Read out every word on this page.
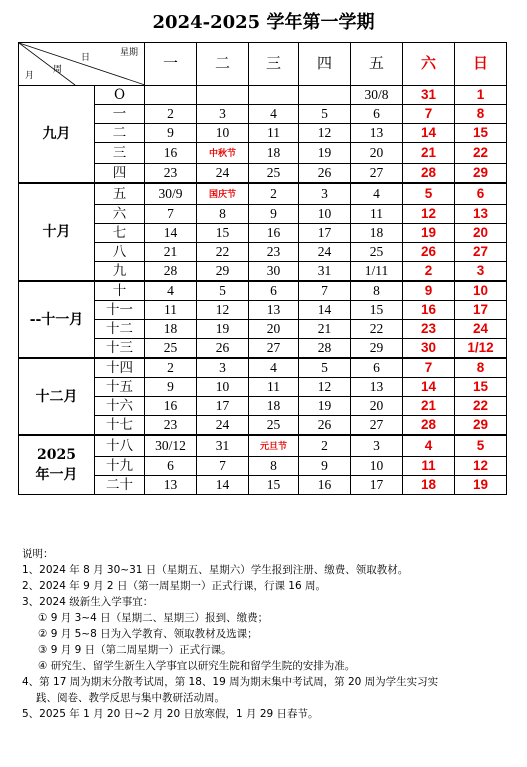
2024-2025 学年第一学期
星期
日
周
月		一	二	三	四	五	六	日
九月	O					30/8	31	1
	一	2	3	4	5	6	7	8
	二	9	10	11	12	13	14	15
	三	16	中秋节	18	19	20	21	22
	四	23	24	25	26	27	28	29
十月	五	30/9	国庆节	2	3	4	5	6
	六	7	8	9	10	11	12	13
	七	14	15	16	17	18	19	20
	八	21	22	23	24	25	26	27
	九	28	29	30	31	1/11	2	3
--十一月	十	4	5	6	7	8	9	10
	十一	11	12	13	14	15	16	17
	十二	18	19	20	21	22	23	24
	十三	25	26	27	28	29	30	1/12
十二月	十四	2	3	4	5	6	7	8
	十五	9	10	11	12	13	14	15
	十六	16	17	18	19	20	21	22
	十七	23	24	25	26	27	28	29
2025 年一月	十八	30/12	31	元旦节	2	3	4	5
	十九	6	7	8	9	10	11	12
	二十	13	14	15	16	17	18	19
说明：
1、2024 年 8 月 30~31 日（星期五、星期六）学生报到注册、缴费、领取教材。
2、2024 年 9 月 2 日（第一周星期一）正式行课，行课 16 周。
3、2024 级新生入学事宜：
① 9 月 3~4 日（星期二、星期三）报到、缴费；
② 9 月 5~8 日为入学教育、领取教材及选课；
③ 9 月 9 日（第二周星期一）正式行课。
④ 研究生、留学生新生入学事宜以研究生院和留学生院的安排为准。
4、第 17 周为期末分散考试周，第 18、19 周为期末集中考试周，第 20 周为学生实习实
践、阅卷、教学反思与集中教研活动周。
5、2025 年 1 月 20 日~2 月 20 日放寒假，1 月 29 日春节。
